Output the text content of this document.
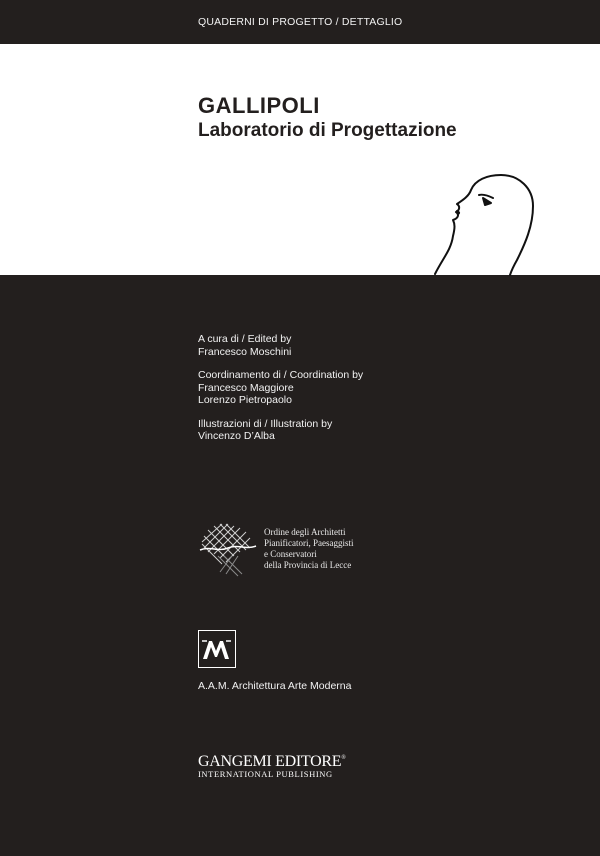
QUADERNI DI PROGETTO / DETTAGLIO
GALLIPOLI
Laboratorio di Progettazione
A cura di / Edited by
Francesco Moschini
Coordinamento di / Coordination by
Francesco Maggiore
Lorenzo Pietropaolo
Illustrazioni di / Illustration by
Vincenzo D’Alba
Ordine degli Architetti
Pianificatori, Paesaggisti
e Conservatori
della Provincia di Lecce
A.A.M. Architettura Arte Moderna
GANGEMI EDITORE®
INTERNATIONAL PUBLISHING
